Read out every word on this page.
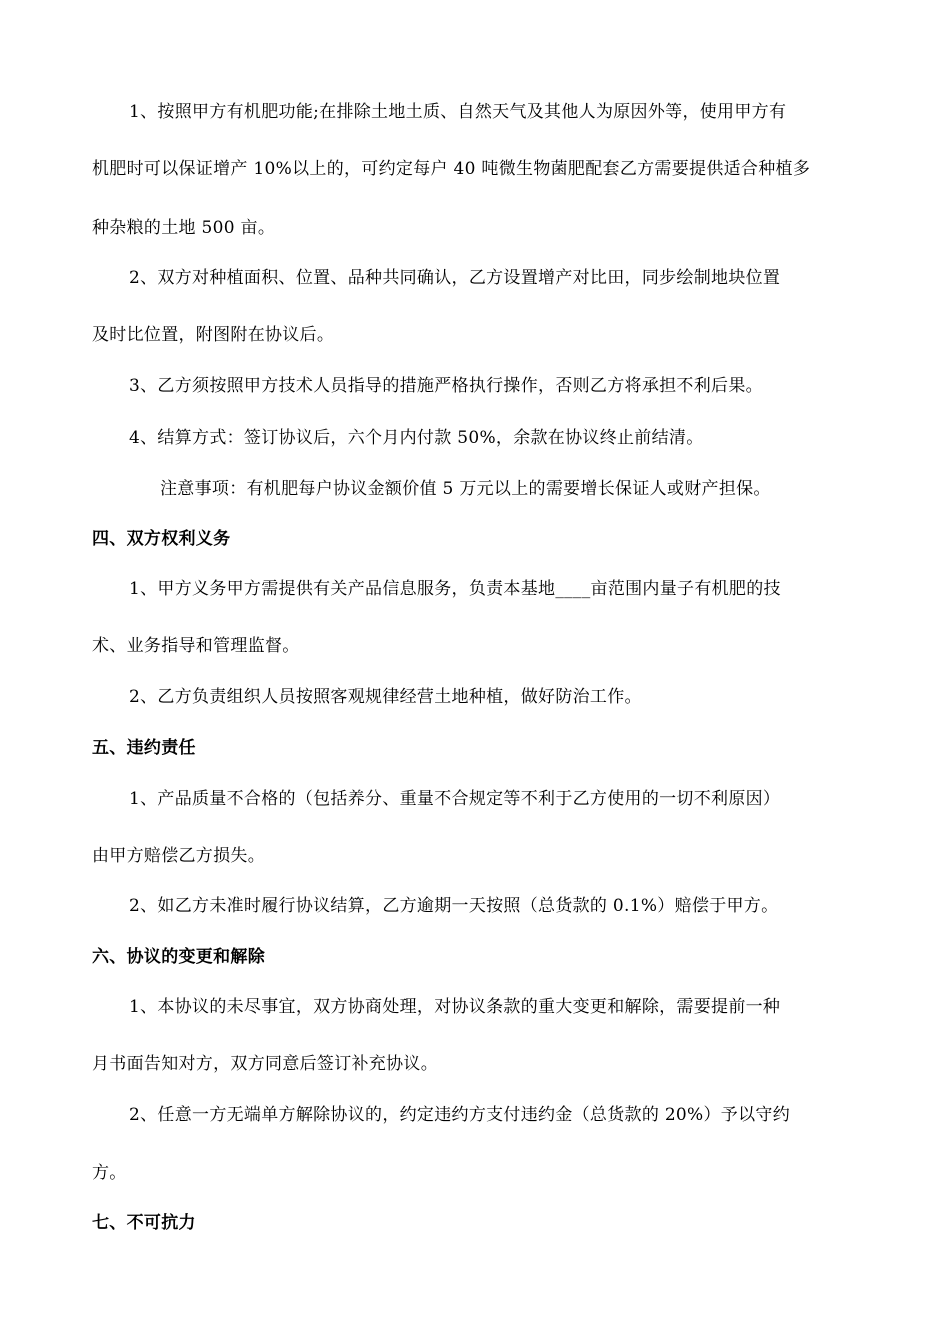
1、按照甲方有机肥功能;在排除土地土质、自然天气及其他人为原因外等，使用甲方有
机肥时可以保证增产 10%以上的，可约定每户 40 吨微生物菌肥配套乙方需要提供适合种植多
种杂粮的土地 500 亩。
2、双方对种植面积、位置、品种共同确认，乙方设置增产对比田，同步绘制地块位置
及时比位置，附图附在协议后。
3、乙方须按照甲方技术人员指导的措施严格执行操作，否则乙方将承担不利后果。
4、结算方式：签订协议后，六个月内付款 50%，余款在协议终止前结清。
注意事项：有机肥每户协议金额价值 5 万元以上的需要增长保证人或财产担保。
四、双方权利义务
1、甲方义务甲方需提供有关产品信息服务，负责本基地____亩范围内量子有机肥的技
术、业务指导和管理监督。
2、乙方负责组织人员按照客观规律经营土地种植，做好防治工作。
五、违约责任
1、产品质量不合格的（包括养分、重量不合规定等不利于乙方使用的一切不利原因）
由甲方赔偿乙方损失。
2、如乙方未准时履行协议结算，乙方逾期一天按照（总货款的 0.1%）赔偿于甲方。
六、协议的变更和解除
1、本协议的未尽事宜，双方协商处理，对协议条款的重大变更和解除，需要提前一种
月书面告知对方，双方同意后签订补充协议。
2、任意一方无端单方解除协议的，约定违约方支付违约金（总货款的 20%）予以守约
方。
七、不可抗力
